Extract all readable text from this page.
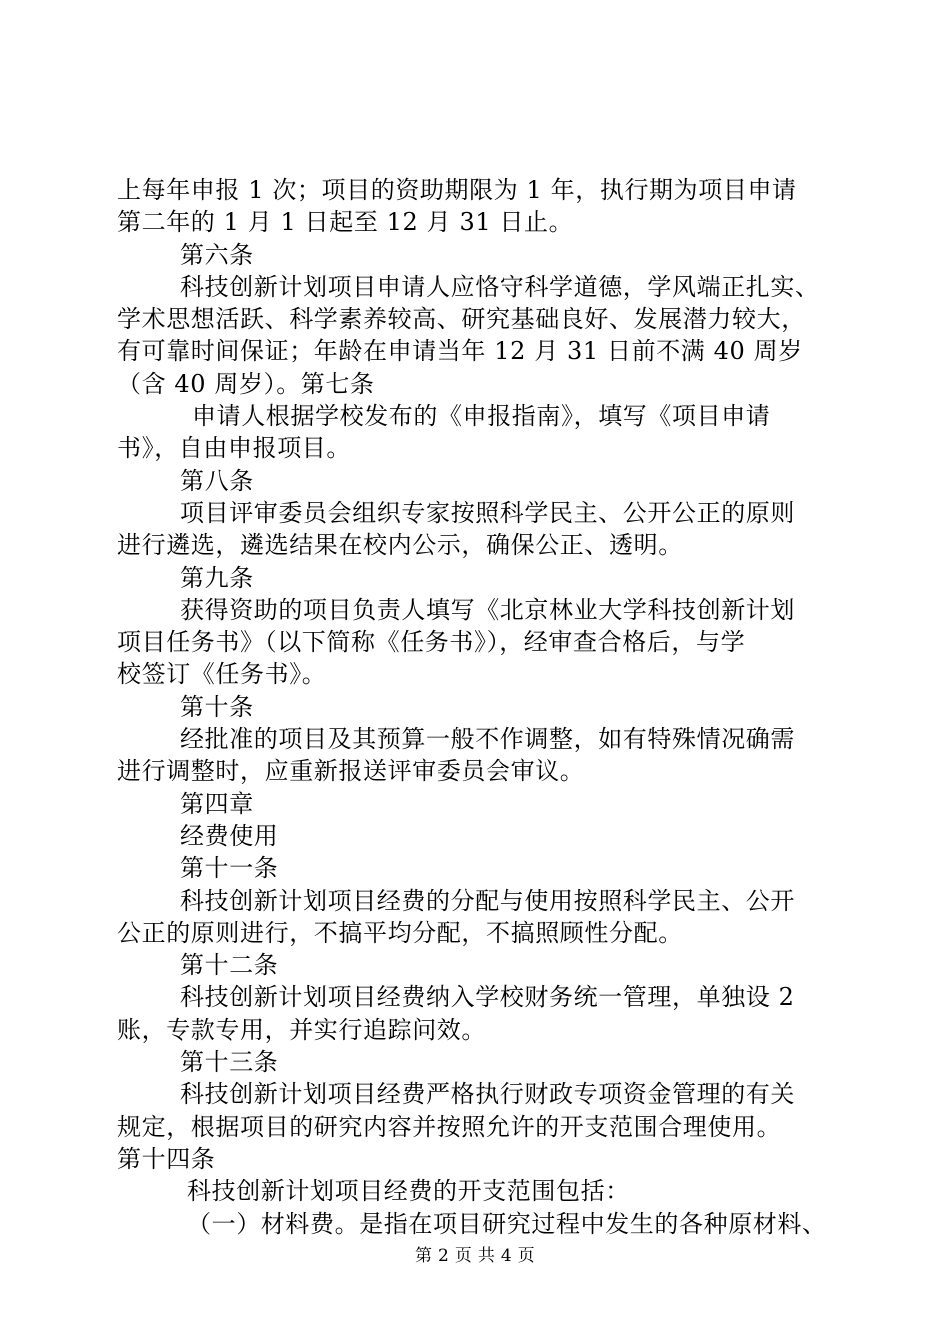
上每年申报 1 次；项目的资助期限为 1 年，执行期为项目申请
第二年的 1 月 1 日起至 12 月 31 日止。
第六条
科技创新计划项目申请人应恪守科学道德，学风端正扎实、
学术思想活跃、科学素养较高、研究基础良好、发展潜力较大，
有可靠时间保证；年龄在申请当年 12 月 31 日前不满 40 周岁
（含 40 周岁）。第七条
申请人根据学校发布的《申报指南》，填写《项目申请
书》，自由申报项目。
第八条
项目评审委员会组织专家按照科学民主、公开公正的原则
进行遴选，遴选结果在校内公示，确保公正、透明。
第九条
获得资助的项目负责人填写《北京林业大学科技创新计划
项目任务书》（以下简称《任务书》），经审查合格后，与学
校签订《任务书》。
第十条
经批准的项目及其预算一般不作调整，如有特殊情况确需
进行调整时，应重新报送评审委员会审议。
第四章
经费使用
第十一条
科技创新计划项目经费的分配与使用按照科学民主、公开
公正的原则进行，不搞平均分配，不搞照顾性分配。
第十二条
科技创新计划项目经费纳入学校财务统一管理，单独设 2
账，专款专用，并实行追踪问效。
第十三条
科技创新计划项目经费严格执行财政专项资金管理的有关
规定，根据项目的研究内容并按照允许的开支范围合理使用。
第十四条
科技创新计划项目经费的开支范围包括：
（一）材料费。是指在项目研究过程中发生的各种原材料、
第 2 页 共 4 页
